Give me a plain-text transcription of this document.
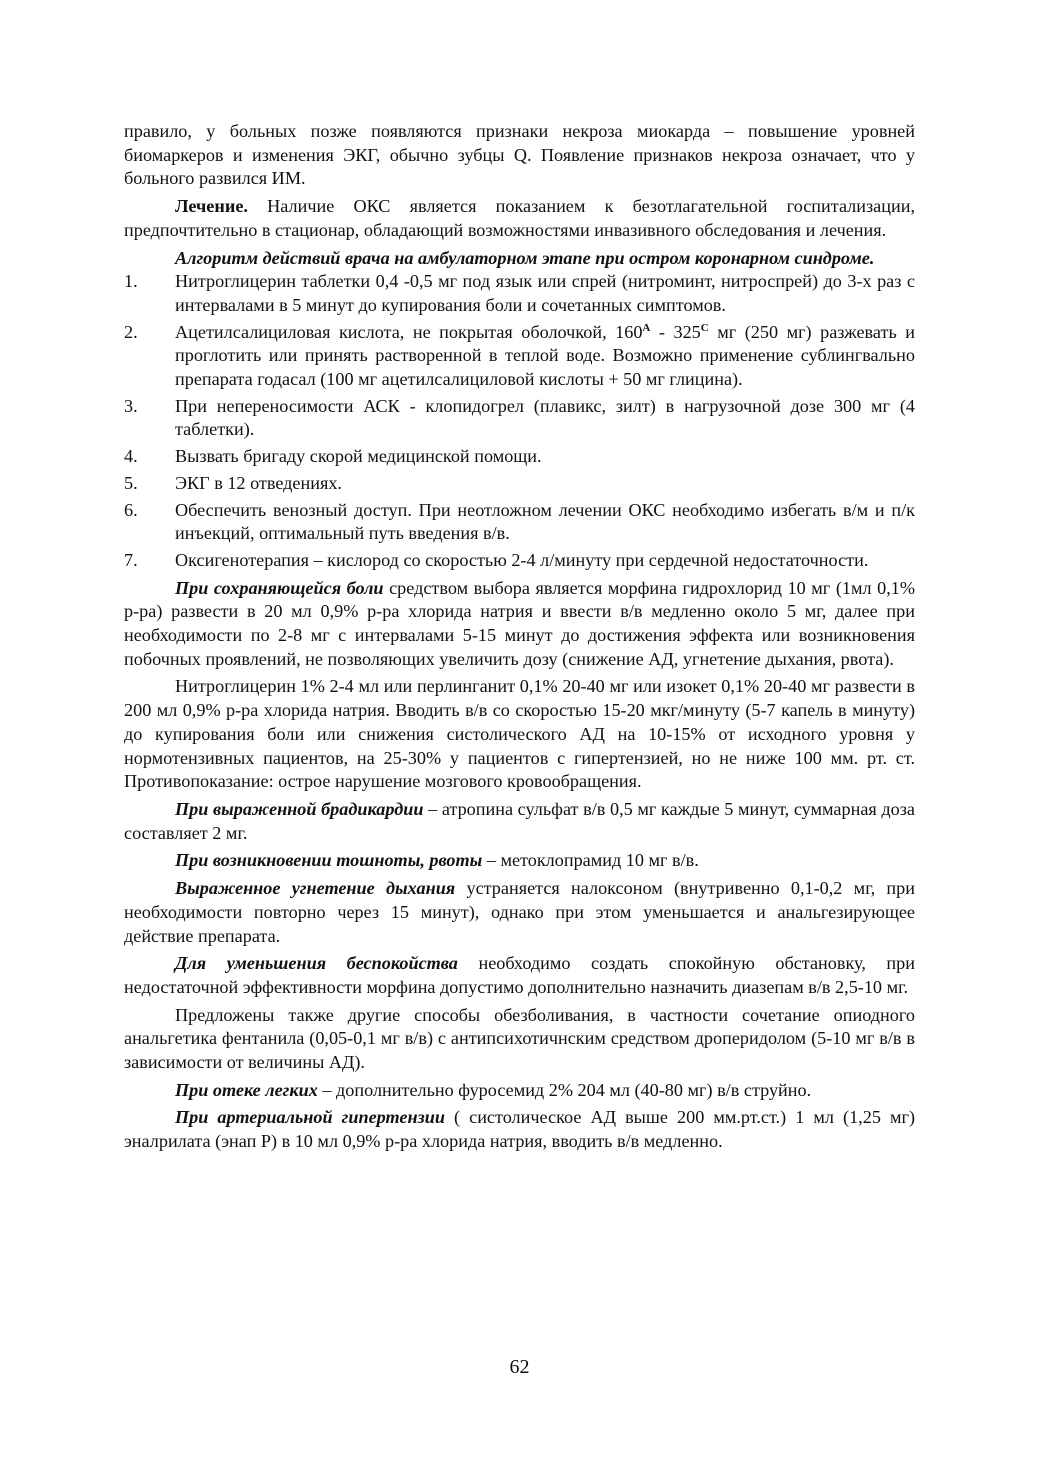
правило, у больных позже появляются признаки некроза миокарда – повышение уровней биомаркеров и изменения ЭКГ, обычно зубцы Q. Появление признаков некроза означает, что у больного развился ИМ.

Лечение. Наличие ОКС является показанием к безотлагательной госпитализации, предпочтительно в стационар, обладающий возможностями инвазивного обследования и лечения.

Алгоритм действий врача на амбулаторном этапе при остром коронарном синдроме.

1.	Нитроглицерин таблетки 0,4 -0,5 мг под язык или спрей (нитроминт, нитроспрей) до 3-х раз с интервалами в 5 минут до купирования боли и сочетанных симптомов.
2.	Ацетилсалициловая кислота, не покрытая оболочкой, $160^A - 325^C$ мг (250 мг) разжевать и проглотить или принять растворенной в теплой воде. Возможно применение сублингвально препарата годасал (100 мг ацетилсалициловой кислоты + 50 мг глицина).
3.	При непереносимости АСК - клопидогрел (плавикс, зилт) в нагрузочной дозе 300 мг (4 таблетки).
4.	Вызвать бригаду скорой медицинской помощи.
5.	ЭКГ в 12 отведениях.
6.	Обеспечить венозный доступ. При неотложном лечении ОКС необходимо избегать в/м и п/к инъекций, оптимальный путь введения в/в.
7.	Оксигенотерапия – кислород со скоростью 2-4 л/минуту при сердечной недостаточности.

При сохраняющейся боли средством выбора является морфина гидрохлорид 10 мг (1мл 0,1% р-ра) развести в 20 мл 0,9% р-ра хлорида натрия и ввести в/в медленно около 5 мг, далее при необходимости по 2-8 мг с интервалами 5-15 минут до достижения эффекта или возникновения побочных проявлений, не позволяющих увеличить дозу (снижение АД, угнетение дыхания, рвота).

Нитроглицерин 1% 2-4 мл или перлинганит 0,1% 20-40 мг или изокет 0,1% 20-40 мг развести в 200 мл 0,9% р-ра хлорида натрия. Вводить в/в со скоростью 15-20 мкг/минуту (5-7 капель в минуту) до купирования боли или снижения систолического АД на 10-15% от исходного уровня у нормотензивных пациентов, на 25-30% у пациентов с гипертензией, но не ниже 100 мм. рт. ст. Противопоказание: острое нарушение мозгового кровообращения.

При выраженной брадикардии – атропина сульфат в/в 0,5 мг каждые 5 минут, суммарная доза составляет 2 мг.

При возникновении тошноты, рвоты – метоклопрамид 10 мг в/в.

Выраженное угнетение дыхания устраняется налоксоном (внутривенно 0,1-0,2 мг, при необходимости повторно через 15 минут), однако при этом уменьшается и анальгезирующее действие препарата.

Для уменьшения беспокойства необходимо создать спокойную обстановку, при недостаточной эффективности морфина допустимо дополнительно назначить диазепам в/в 2,5-10 мг.

Предложены также другие способы обезболивания, в частности сочетание опиодного анальгетика фентанила (0,05-0,1 мг в/в) с антипсихотичнским средством дроперидолом (5-10 мг в/в в зависимости от величины АД).

При отеке легких – дополнительно фуросемид 2% 204 мл (40-80 мг) в/в струйно.

При артериальной гипертензии ( систолическое АД выше 200 мм.рт.ст.) 1 мл (1,25 мг) эналрилата (энап Р) в 10 мл 0,9% р-ра хлорида натрия, вводить в/в медленно.

62
